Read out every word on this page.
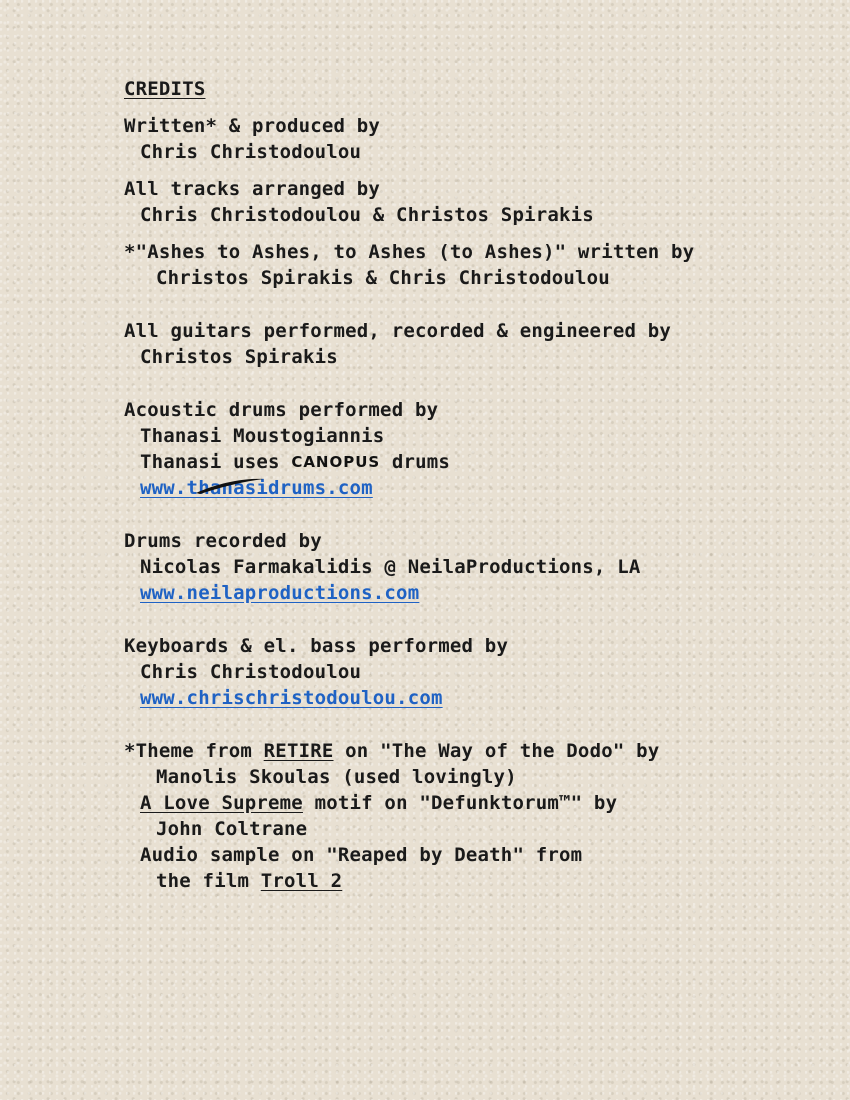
CREDITS
Written* & produced by
Chris Christodoulou
All tracks arranged by
Chris Christodoulou & Christos Spirakis
*"Ashes to Ashes, to Ashes (to Ashes)" written by
Christos Spirakis & Chris Christodoulou
All guitars performed, recorded & engineered by
Christos Spirakis
Acoustic drums performed by
Thanasi Moustogiannis
Thanasi uses CANOPUS drums
www.thanasidrums.com
Drums recorded by
Nicolas Farmakalidis @ NeilaProductions, LA
www.neilaproductions.com
Keyboards & el. bass performed by
Chris Christodoulou
www.chrischristodoulou.com
*Theme from RETIRE on "The Way of the Dodo" by
Manolis Skoulas (used lovingly)
A Love Supreme motif on "Defunktorum™" by
John Coltrane
Audio sample on "Reaped by Death" from
the film Troll 2
